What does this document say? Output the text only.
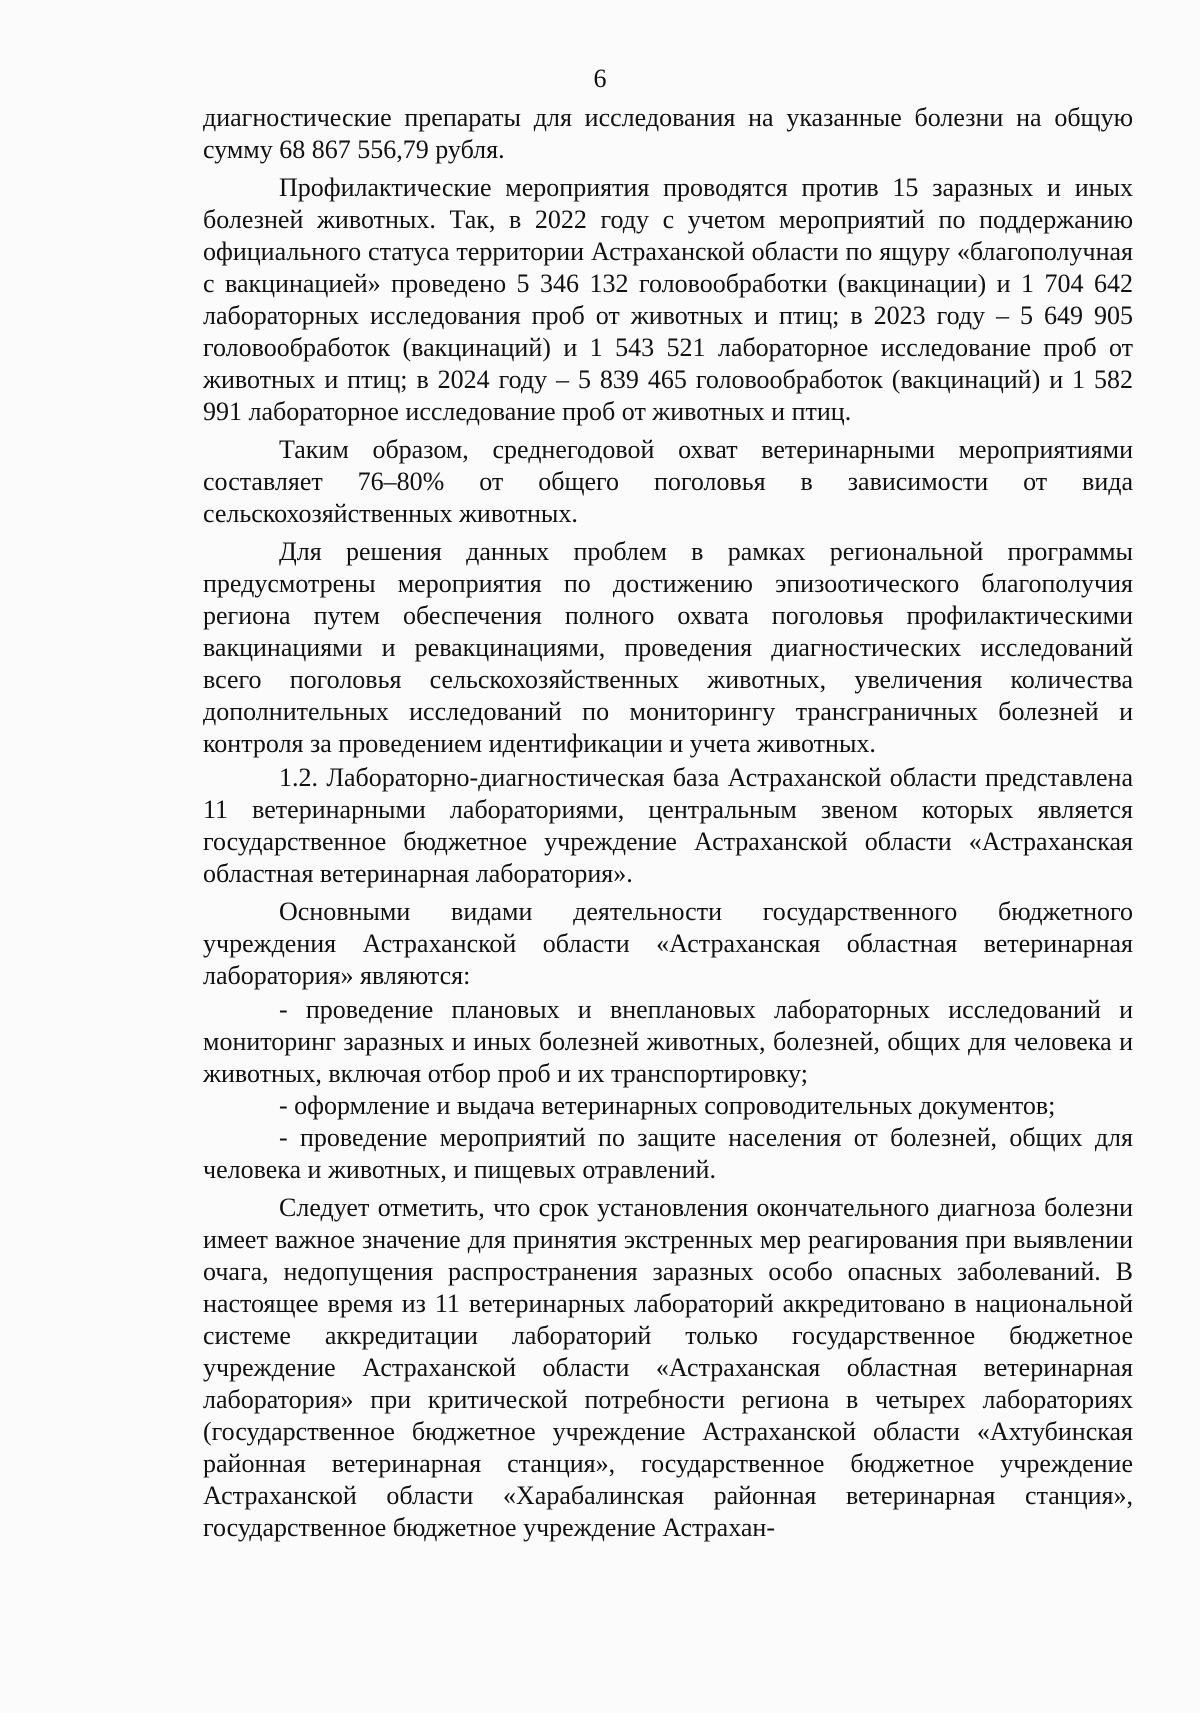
6

диагностические препараты для исследования на указанные болезни на общую сумму 68 867 556,79 рубля.

Профилактические мероприятия проводятся против 15 заразных и иных болезней животных. Так, в 2022 году с учетом мероприятий по поддержанию официального статуса территории Астраханской области по ящуру «благополучная с вакцинацией» проведено 5 346 132 головообработки (вакцинации) и 1 704 642 лабораторных исследования проб от животных и птиц; в 2023 году – 5 649 905 головообработок (вакцинаций) и 1 543 521 лабораторное исследование проб от животных и птиц; в 2024 году – 5 839 465 головообработок (вакцинаций) и 1 582 991 лабораторное исследование проб от животных и птиц.

Таким образом, среднегодовой охват ветеринарными мероприятиями составляет 76–80% от общего поголовья в зависимости от вида сельскохозяйственных животных.

Для решения данных проблем в рамках региональной программы предусмотрены мероприятия по достижению эпизоотического благополучия региона путем обеспечения полного охвата поголовья профилактическими вакцинациями и ревакцинациями, проведения диагностических исследований всего поголовья сельскохозяйственных животных, увеличения количества дополнительных исследований по мониторингу трансграничных болезней и контроля за проведением идентификации и учета животных.

1.2. Лабораторно-диагностическая база Астраханской области представлена 11 ветеринарными лабораториями, центральным звеном которых является государственное бюджетное учреждение Астраханской области «Астраханская областная ветеринарная лаборатория».

Основными видами деятельности государственного бюджетного учреждения Астраханской области «Астраханская областная ветеринарная лаборатория» являются:

- проведение плановых и внеплановых лабораторных исследований и мониторинг заразных и иных болезней животных, болезней, общих для человека и животных, включая отбор проб и их транспортировку;

- оформление и выдача ветеринарных сопроводительных документов;

- проведение мероприятий по защите населения от болезней, общих для человека и животных, и пищевых отравлений.

Следует отметить, что срок установления окончательного диагноза болезни имеет важное значение для принятия экстренных мер реагирования при выявлении очага, недопущения распространения заразных особо опасных заболеваний. В настоящее время из 11 ветеринарных лабораторий аккредитовано в национальной системе аккредитации лабораторий только государственное бюджетное учреждение Астраханской области «Астраханская областная ветеринарная лаборатория» при критической потребности региона в четырех лабораториях (государственное бюджетное учреждение Астраханской области «Ахтубинская районная ветеринарная станция», государственное бюджетное учреждение Астраханской области «Харабалинская районная ветеринарная станция», государственное бюджетное учреждение Астрахан-
